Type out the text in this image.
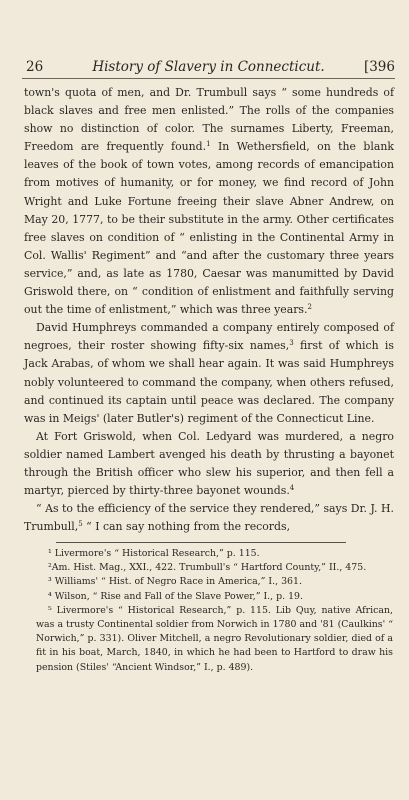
26	History of Slavery in Connecticut.	[396

town's quota of men, and Dr. Trumbull says “ some hundreds of black slaves and free men enlisted.” The rolls of the companies show no distinction of color. The surnames Liberty, Freeman, Freedom are frequently found.$^1$ In Wethersfield, on the blank leaves of the book of town votes, among records of emancipation from motives of humanity, or for money, we find record of John Wright and Luke Fortune freeing their slave Abner Andrew, on May 20, 1777, to be their substitute in the army. Other certificates free slaves on condition of “ enlisting in the Continental Army in Col. Wallis' Regiment” and “and after the customary three years service,” and, as late as 1780, Caesar was manumitted by David Griswold there, on “ condition of enlistment and faithfully serving out the time of enlistment,” which was three years.$^2$

David Humphreys commanded a company entirely composed of negroes, their roster showing fifty-six names,$^3$ first of which is Jack Arabas, of whom we shall hear again. It was said Humphreys nobly volunteered to command the company, when others refused, and continued its captain until peace was declared. The company was in Meigs' (later Butler's) regiment of the Connecticut Line.

At Fort Griswold, when Col. Ledyard was murdered, a negro soldier named Lambert avenged his death by thrusting a bayonet through the British officer who slew his superior, and then fell a martyr, pierced by thirty-three bayonet wounds.$^4$

“ As to the efficiency of the service they rendered,” says Dr. J. H. Trumbull,$^5$ “ I can say nothing from the records,

¹ Livermore's “ Historical Research,” p. 115.

²Am. Hist. Mag., XXI., 422. Trumbull's “ Hartford County,” II., 475.

³ Williams' “ Hist. of Negro Race in America,” I., 361.

⁴ Wilson, “ Rise and Fall of the Slave Power,” I., p. 19.

⁵ Livermore's “ Historical Research,” p. 115. Lib Quy, native African, was a trusty Continental soldier from Norwich in 1780 and '81 (Caulkins' “ Norwich,” p. 331). Oliver Mitchell, a negro Revolutionary soldier, died of a fit in his boat, March, 1840, in which he had been to Hartford to draw his pension (Stiles' “Ancient Windsor,” I., p. 489).
